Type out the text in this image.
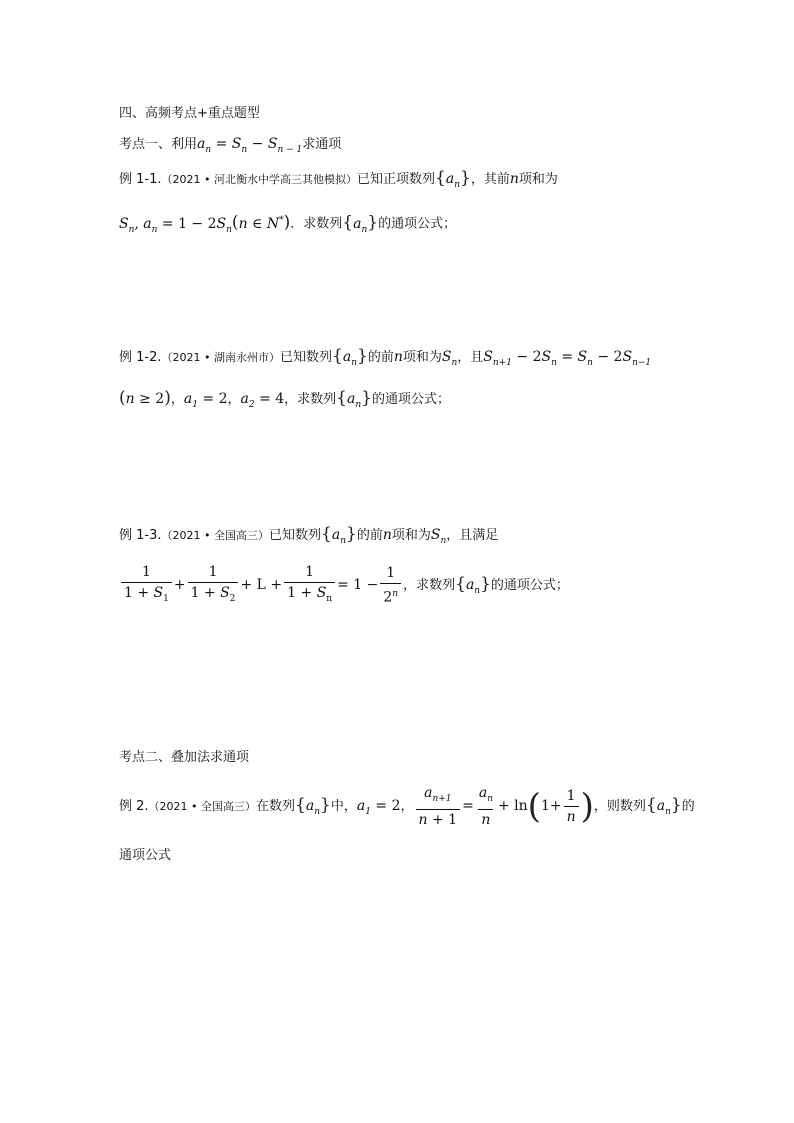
四、高频考点+重点题型
考点一、利用$a_n = S_n - S_{n - 1}$求通项
例 1-1.（2021 • 河北衡水中学高三其他模拟）已知正项数列$\{a_n\}$，其前n项和为
$S_n$, $a_n = 1 - 2S_n(n$ ∈ N*)．求数列$\{a_n\}$的通项公式；
例 1-2.（2021 • 湖南永州市）已知数列$\{a_n\}$的前n项和为$S_n$，且$S_{n+1} - 2S_n = S_n - 2S_{n-1}$
(n ≥ 2)，$a_1 = 2$，$a_2 = 4$，求数列$\{a_n\}$的通项公式；
例 1-3.（2021 • 全国高三）已知数列$\{a_n\}$的前n项和为$S_n$，且满足
$\frac{1}{1 + S_1} + \frac{1}{1 + S_2} + L + \frac{1}{1 + S_n} = 1 - \frac{1}{2^n}$ ，求数列$\{a_n\}$的通项公式；
考点二、叠加法求通项
例 2.（2021 • 全国高三）在数列$\{a_n\}$中，$a_1 = 2$， $\frac{a_{n+1}}{n + 1} = \frac{a_n}{n} + \ln(1+ \frac{1}{n}$ )，则数列$\{a_n\}$的
通项公式
